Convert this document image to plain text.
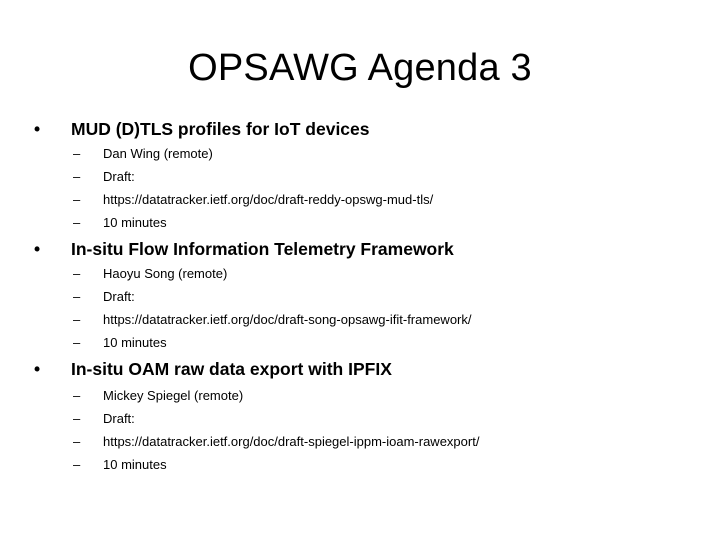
OPSAWG Agenda 3
• MUD (D)TLS profiles for IoT devices
– Dan Wing (remote)
– Draft:
– https://datatracker.ietf.org/doc/draft-reddy-opswg-mud-tls/
– 10 minutes
• In-situ Flow Information Telemetry Framework
– Haoyu Song (remote)
– Draft:
– https://datatracker.ietf.org/doc/draft-song-opsawg-ifit-framework/
– 10 minutes
• In-situ OAM raw data export with IPFIX
– Mickey Spiegel (remote)
– Draft:
– https://datatracker.ietf.org/doc/draft-spiegel-ippm-ioam-rawexport/
– 10 minutes
